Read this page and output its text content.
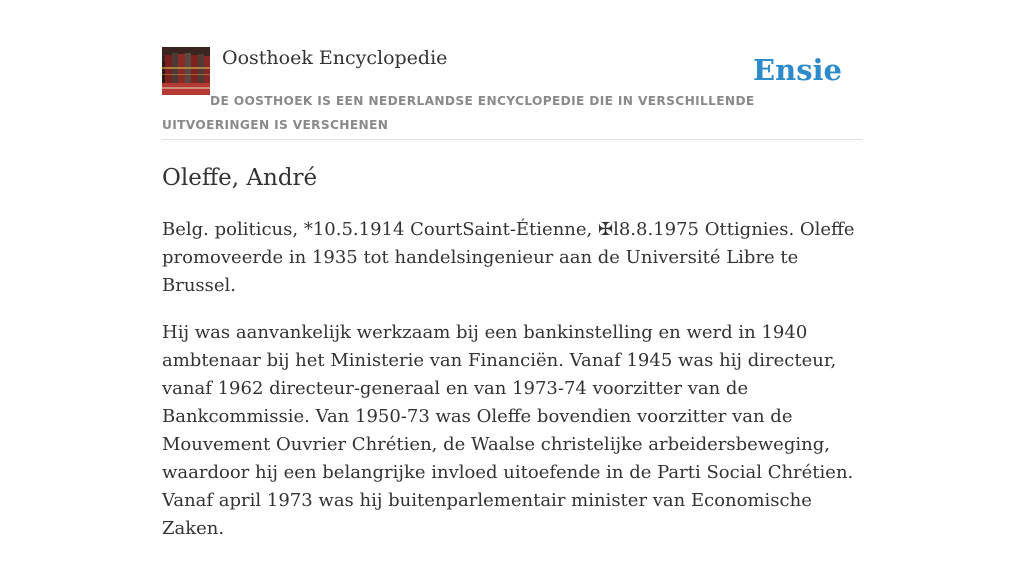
Oosthoek Encyclopedie	Ensie
DE OOSTHOEK IS EEN NEDERLANDSE ENCYCLOPEDIE DIE IN VERSCHILLENDE UITVOERINGEN IS VERSCHENEN
Oleffe, André

Belg. politicus, *10.5.1914 CourtSaint-Étienne, ✠l8.8.1975 Ottignies. Oleffe promoveerde in 1935 tot handelsingenieur aan de Université Libre te Brussel.

Hij was aanvankelijk werkzaam bij een bankinstelling en werd in 1940 ambtenaar bij het Ministerie van Financiën. Vanaf 1945 was hij directeur, vanaf 1962 directeur-generaal en van 1973-74 voorzitter van de Bankcommissie. Van 1950-73 was Oleffe bovendien voorzitter van de Mouvement Ouvrier Chrétien, de Waalse christelijke arbeidersbeweging, waardoor hij een belangrijke invloed uitoefende in de Parti Social Chrétien. Vanaf april 1973 was hij buitenparlementair minister van Economische Zaken.
